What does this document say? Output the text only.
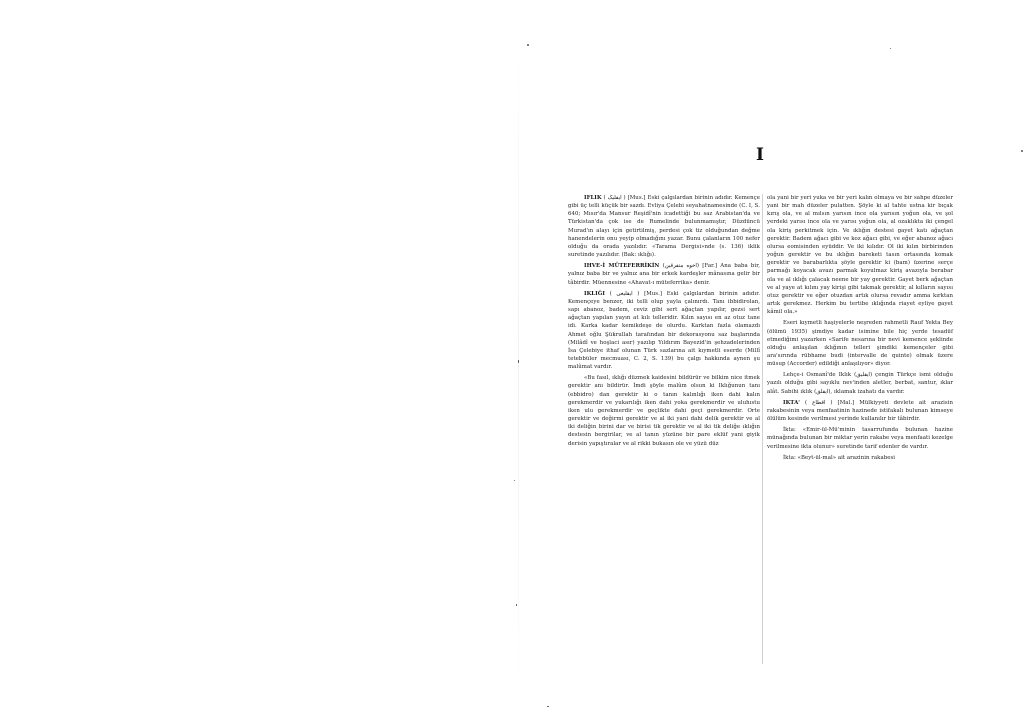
I

IFLIK ( ایفلیک ) [Mus.] Eski çalgılardan birinin adıdır. Kemençe gibi üç telli küçük bir sazdı. Evliya Çelebi seyahatnamesinde (C. I, S. 640; Mısır'da Mansur Reşidî'nin icadettiği bu saz Arabistan'da ve Türkistan'da çok ise de Rumelinde bulunmamıştır, Düzdüncü Murad'ın alayı için getirtilmiş, perdesi çok tiz olduğundan değme hanendelerin onu yeyip olmadığını yazar. Bunu çalanların 100 nefer olduğu da orada yazılıdır. «Tarama Dergisi»nde (s. 136) iklik suretinde yazılıdır. (Bak: ıklığı).

IHVE-İ MÜTEFERRİKİN (اخوه متفرقین) [Far.] Ana baba bir, yalnız baba bir ve yalnız ana bir erkek kardeşler mânasına gelir bir tâbirdir. Müennesine «Ahavat-ı müteferrika» denir.

IKLIĞI ( ایقلیغی ) [Mus.] Eski çalgılardan birinin adıdır. Kemençeye benzer, iki telli olup yayla çalınırdı. Tanı ibbidirolan, sapı abanoz, badem, ceviz gibi sert ağaçtan yapılır, gezsi sert ağaçtan yapılan yayın at kılı telleridir. Kılın sayısı en az otuz tane idi. Karka kadar kemikdeşe de olurdu. Karktan fazla olamazdı Ahmet oğlu Şükrullah tarafından bir dekorasyonu saz başlarında (Milâdî ve hoşlaci asır) yazılıp Yıldırım Bayezid'in şehzadelerinden İsa Çelebiye ithaf olunan Türk sazlarına ait kıymetli eserde (Millî tetebbüler mecmuası, C. 2, S. 139) bu çalgı hakkında aynen şu malûmat vardır.

«Bu fasıl, ıklığı düzmek kaidesini bildürür ve bilkim nice itmek gerektir anı bildirür. İmdi şöyle malûm olsun ki Iklığunun tanı (ebbidro) dan gerektir ki o tanın kalınlığı iken dahi kalın gerekmerdir ve yukarılığı iken dahi yoka gerekmerdir ve uluhıstu iken ulu gerekmerdir ve geçlikte dahi geçi gerekmerdir. Orte gerektir ve değirmi gerektir ve al iki yani dahi delik gerektir ve al iki deliğin birini dar ve birisi tik gerektir ve al iki tik deliğe ıklığın destesin bergirilar, ve al tanın yüzüne bir pare eklüf yani giyik derisin yapıştıralar ve al rikki bukasın ole ve yüzü düz

ola yani bir yeri yuka ve bir yeri kalın olmaya ve bir sahpe düzeler yani bir mah düzeler pulatten. Şöyle ki al tahte ustna kir bıçak kırış ola, ve al mılsın yarısın ince ola yarısın yoğun ola, ve şol yerdeki yarısı ince ola ve yarısı yoğun ola, al ozaklıkta iki çengel ola kiriş perkitmek için. Ve ıklığın destesi gayet katı ağaçtan gerektir. Badem ağacı gibi ve koz ağacı gibi, ve eğer abanoz ağacı olursa eomisinden eyüddir. Ve iki kılıdır. Ol iki kılın birbirinden yoğun gerektir ve bu ıklığın bareketi tasın ortasında komak gerektir ve barabarlıkta şöyle gerektir ki (bam) üzerine serçe parmağı koyacak avazı parmak koyulmaz kiriş avazıyla berabar ola ve al ıklığı çalacak neene bir yay gerektir. Gayet berk ağaçtan ve al yaye at kılını yay kirişi gibi takmak gerektir, al kılların sayısı otuz gerektir ve eğer otuzdan artık olursa revadır amma kırktan artık gerekmez. Herkim bu tertibe ıklığında riayet eyliye gayet kâmil ola.»

Eseri kıymetli haşiyelerle neşreden rahmetli Rauf Yekta Bey (ölümü 1935) şimdiye kadar isimine bile hiç yerde tesadüf etmediğimi yazarken «Sarife nesarına bir nevi kemence şeklinde olduğu anlaşılan ıklığının telleri şimdiki kemençeler gibi ara'sırında rübhame budi (intervalle de quinte) olmak üzere müsup (Accorder) edildiği anlaşılıyor» diyor.

Lehçe-i Osmanî'de Iklık (ایقلیق) çengin Türkçe ismi olduğu yazılı olduğu gibi sayıklu nev'inden aletler, berbat, santur, ıklar alât. Sabihi ıklık (ایقلق), ıklamak izahatı da vardır.

IKTA' ( اقطاع ) [Mal.] Mülkiyyeti devlete ait arazisin rakabesinin veya menfaatinin hazinede istifakalı bulunan kimseye ölülüm kesinde verilmesi yerinde kullanılır bir tâbirdir.

İkta: «Emir-ül-Mü'minin tasarrufunda bulunan hazine münağında bulunan bir miktar yerin rakabe veya menfaati kezelge verilmesine ikta olunur» suretinde tarif edenler de vardır.

İkta: «Beyt-ül-mal» ait arazinin rakabesi
